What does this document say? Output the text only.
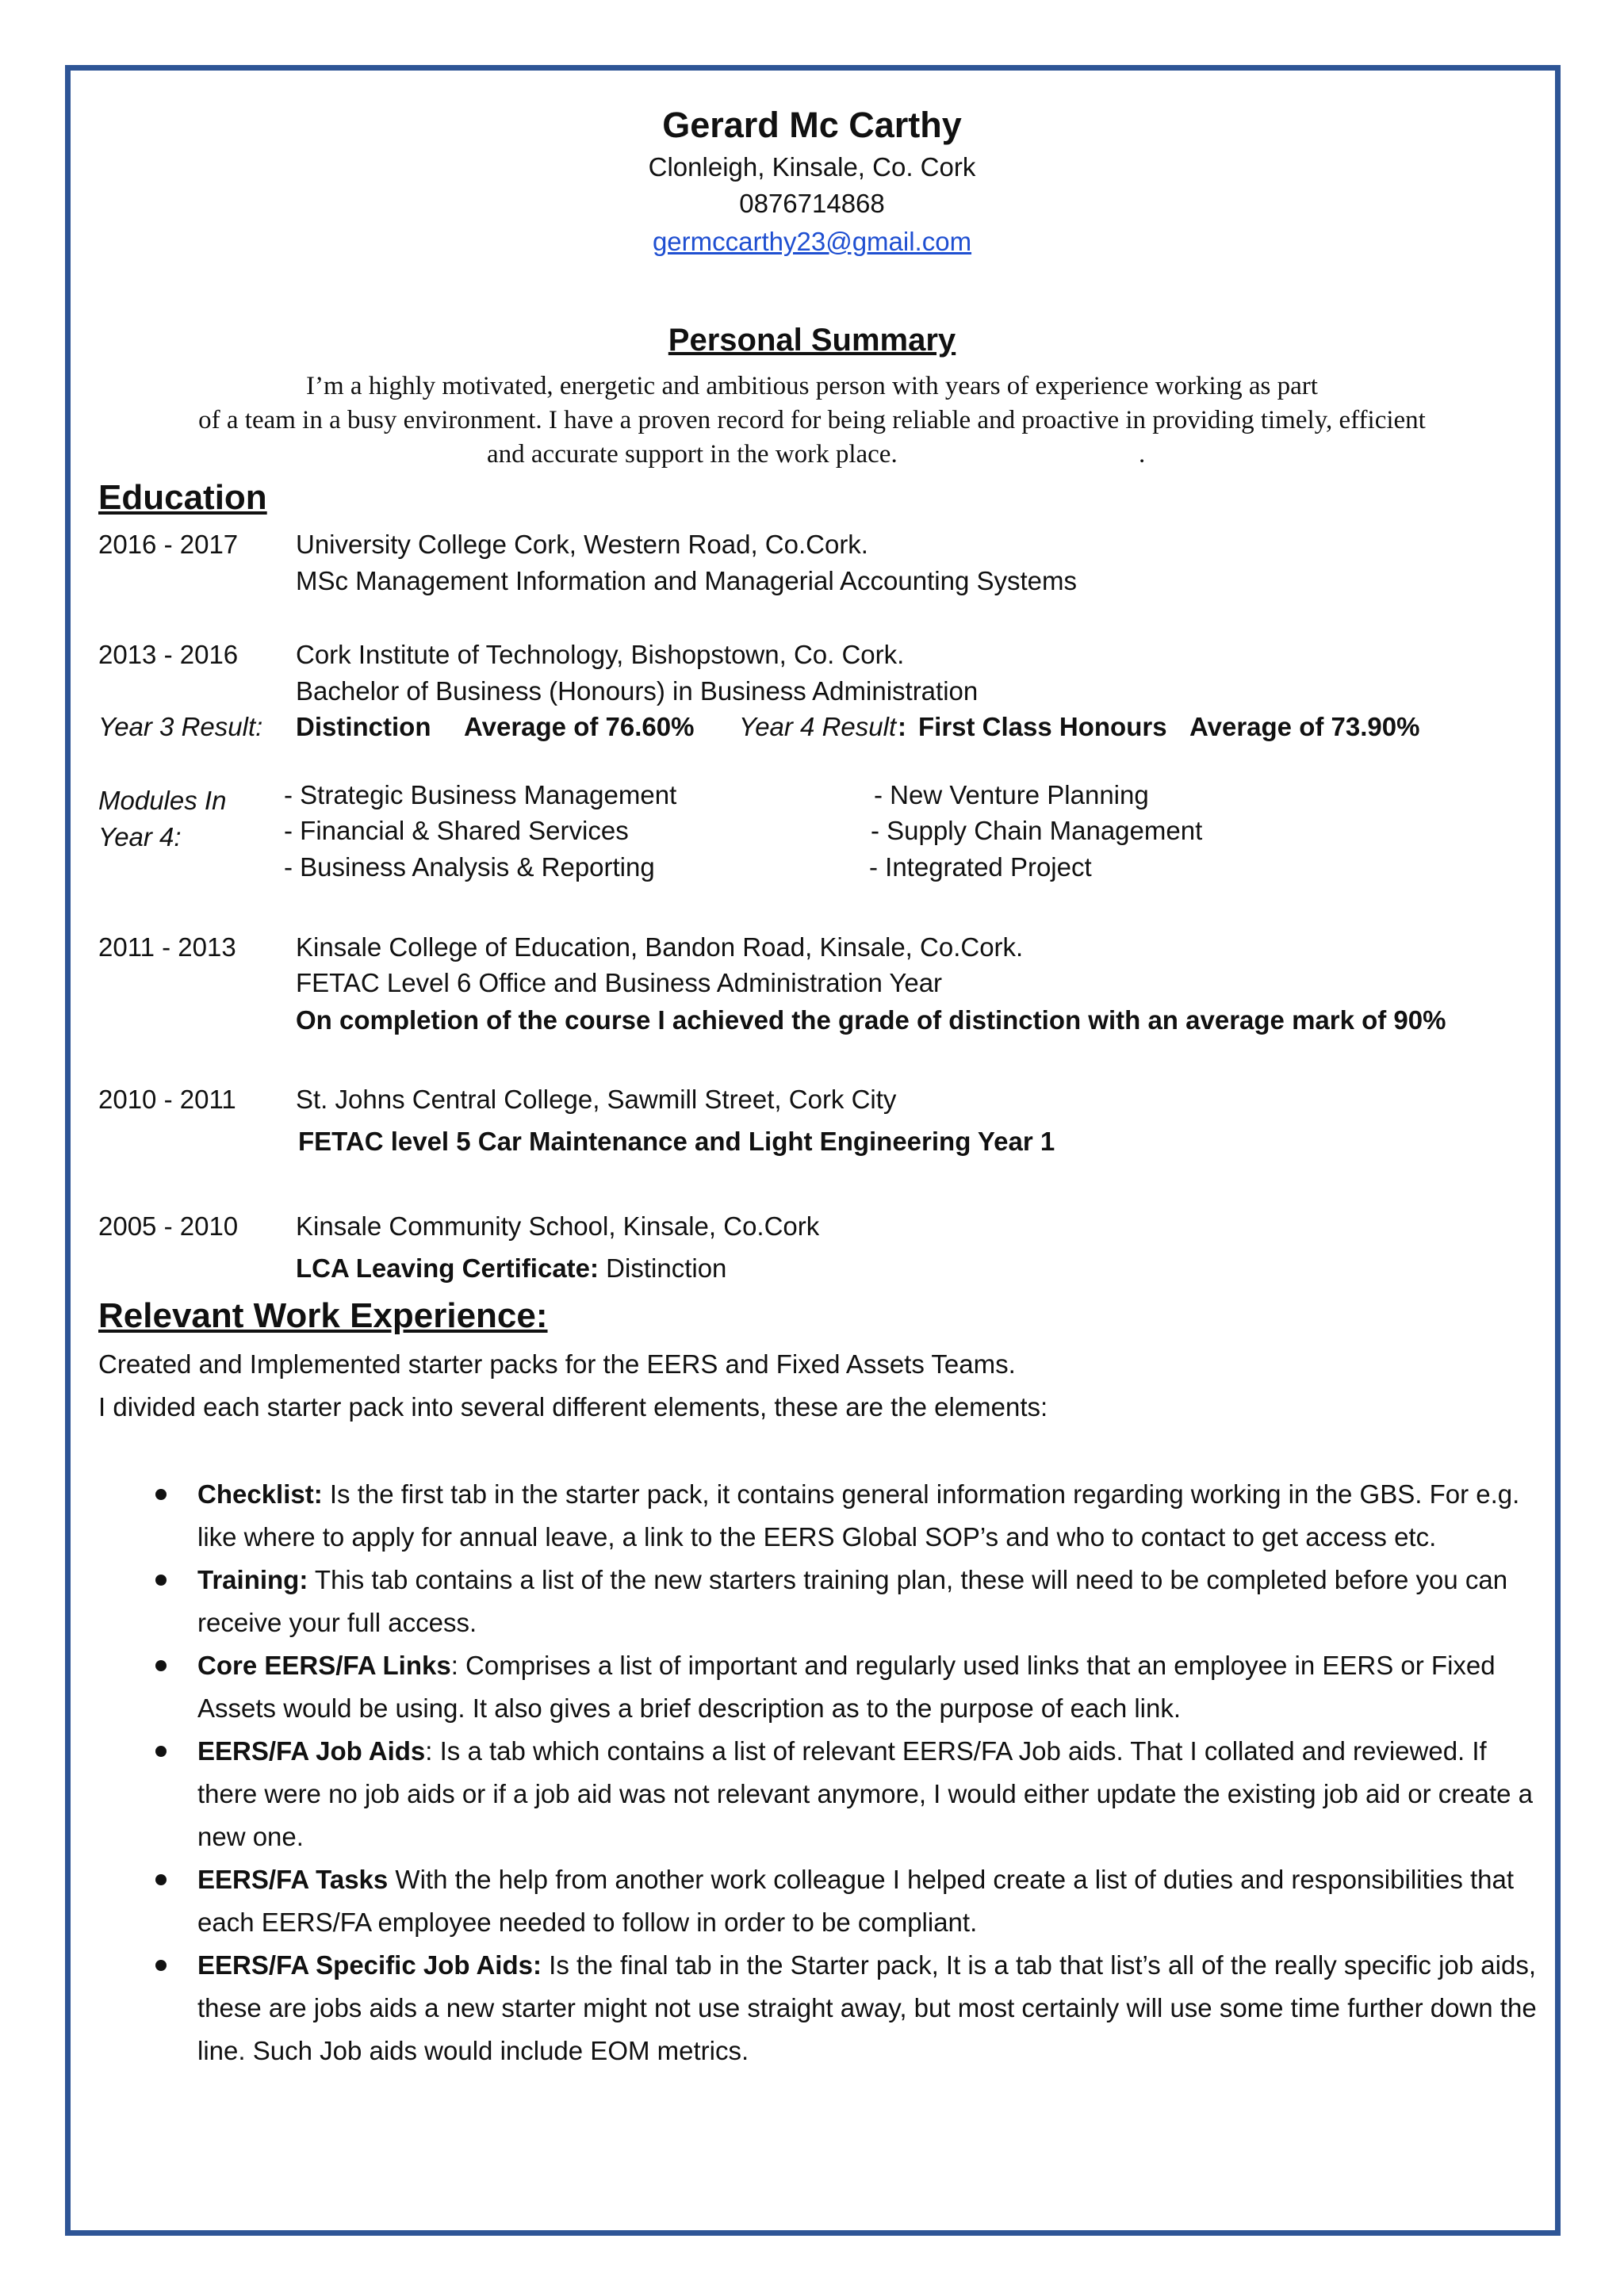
Gerard Mc Carthy
Clonleigh, Kinsale, Co. Cork
0876714868
germccarthy23@gmail.com
Personal Summary
I’m a highly motivated, energetic and ambitious person with years of experience working as part
of a team in a busy environment. I have a proven record for being reliable and proactive in providing timely, efficient
and accurate support in the work place.	.
Education
2016 - 2017 University College Cork, Western Road, Co.Cork.
MSc Management Information and Managerial Accounting Systems
2013 - 2016 Cork Institute of Technology, Bishopstown, Co. Cork.
Bachelor of Business (Honours) in Business Administration
Year 3 Result: Distinction Average of 76.60% Year 4 Result : First Class Honours Average of 73.90%
Modules In
Year 4:
- Strategic Business Management
- Financial & Shared Services
- Business Analysis & Reporting
- New Venture Planning
- Supply Chain Management
- Integrated Project
2011 - 2013 Kinsale College of Education, Bandon Road, Kinsale, Co.Cork.
FETAC Level 6 Office and Business Administration Year
On completion of the course I achieved the grade of distinction with an average mark of 90%
2010 - 2011 St. Johns Central College, Sawmill Street, Cork City
FETAC level 5 Car Maintenance and Light Engineering Year 1
2005 - 2010 Kinsale Community School, Kinsale, Co.Cork
LCA Leaving Certificate: Distinction
Relevant Work Experience:
Created and Implemented starter packs for the EERS and Fixed Assets Teams.
I divided each starter pack into several different elements, these are the elements:
Checklist: Is the first tab in the starter pack, it contains general information regarding working in the GBS. For e.g. like where to apply for annual leave, a link to the EERS Global SOP’s and who to contact to get access etc.
Training: This tab contains a list of the new starters training plan, these will need to be completed before you can receive your full access.
Core EERS/FA Links: Comprises a list of important and regularly used links that an employee in EERS or Fixed Assets would be using. It also gives a brief description as to the purpose of each link.
EERS/FA Job Aids: Is a tab which contains a list of relevant EERS/FA Job aids. That I collated and reviewed. If there were no job aids or if a job aid was not relevant anymore, I would either update the existing job aid or create a new one.
EERS/FA Tasks With the help from another work colleague I helped create a list of duties and responsibilities that each EERS/FA employee needed to follow in order to be compliant.
EERS/FA Specific Job Aids: Is the final tab in the Starter pack, It is a tab that list’s all of the really specific job aids, these are jobs aids a new starter might not use straight away, but most certainly will use some time further down the line. Such Job aids would include EOM metrics.
